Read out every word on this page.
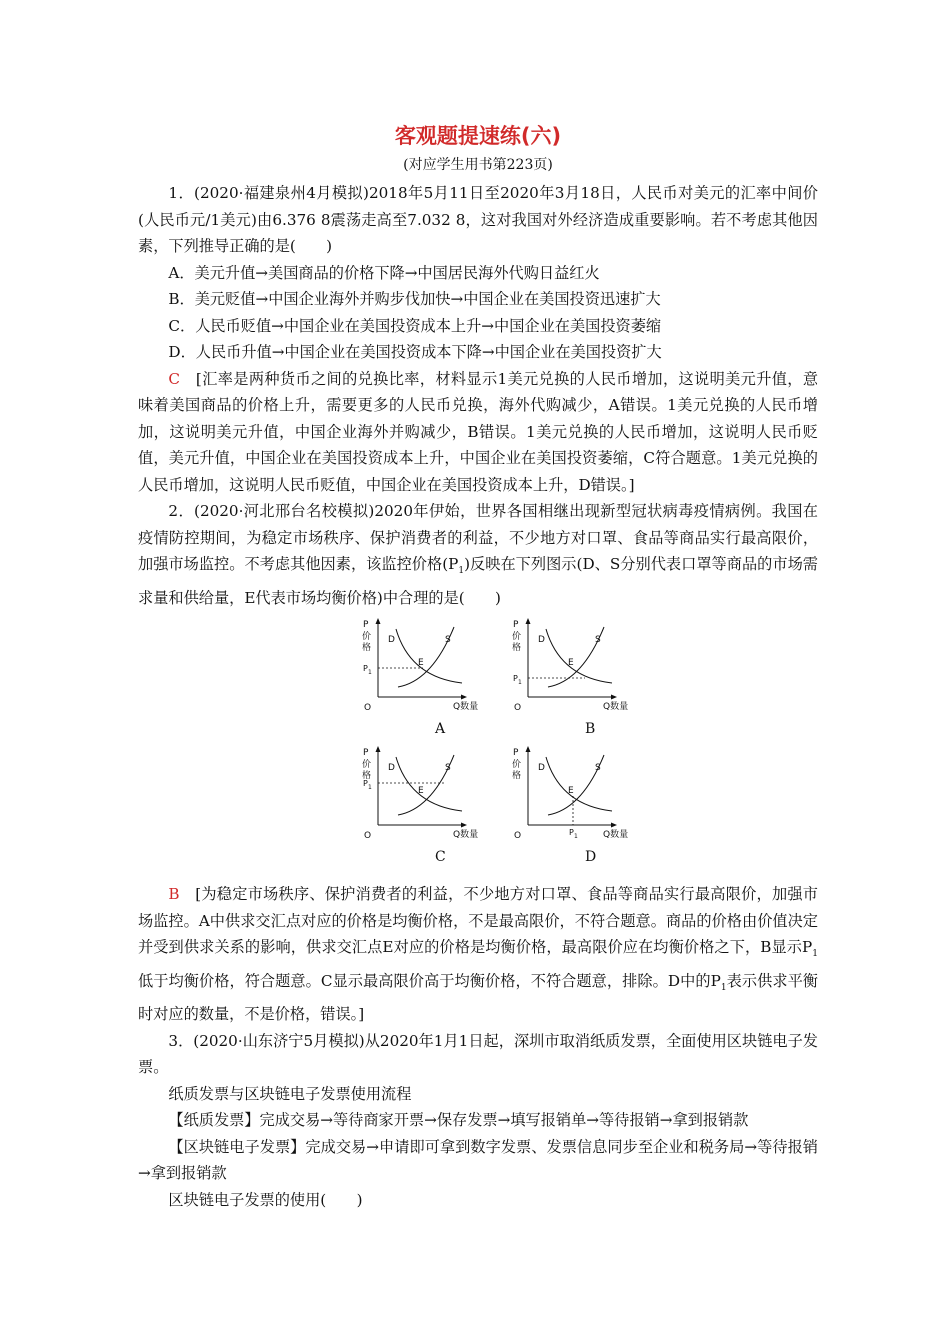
客观题提速练(六)
(对应学生用书第223页)

1．(2020·福建泉州4月模拟)2018年5月11日至2020年3月18日，人民币对美元的汇率中间价(人民币元/1美元)由6.376 8震荡走高至7.032 8，这对我国对外经济造成重要影响。若不考虑其他因素，下列推导正确的是(　　)

A．美元升值→美国商品的价格下降→中国居民海外代购日益红火

B．美元贬值→中国企业海外并购步伐加快→中国企业在美国投资迅速扩大

C．人民币贬值→中国企业在美国投资成本上升→中国企业在美国投资萎缩

D．人民币升值→中国企业在美国投资成本下降→中国企业在美国投资扩大

C　 [汇率是两种货币之间的兑换比率，材料显示1美元兑换的人民币增加，这说明美元升值，意味着美国商品的价格上升，需要更多的人民币兑换，海外代购减少，A错误。1美元兑换的人民币增加，这说明美元升值，中国企业海外并购减少，B错误。1美元兑换的人民币增加，这说明人民币贬值，美元升值，中国企业在美国投资成本上升，中国企业在美国投资萎缩，C符合题意。1美元兑换的人民币增加，这说明人民币贬值，中国企业在美国投资成本上升，D错误。]

2．(2020·河北邢台名校模拟)2020年伊始，世界各国相继出现新型冠状病毒疫情病例。我国在疫情防控期间，为稳定市场秩序、保护消费者的利益，不少地方对口罩、食品等商品实行最高限价，加强市场监控。不考虑其他因素，该监控价格$(P_1)$反映在下列图示(D、S分别代表口罩等商品的市场需求量和供给量，E代表市场均衡价格)中合理的是(　　)

P
价
格
O	Q数量
D	S
E
P 1
A
P
价
格
O	Q数量
D	S
E
P 1
B
P
价
格
O	Q数量
D	S
E
P 1
C
P
价
格
O	Q数量
D	S
E
P 1
D

B　 [为稳定市场秩序、保护消费者的利益，不少地方对口罩、食品等商品实行最高限价，加强市场监控。A中供求交汇点对应的价格是均衡价格，不是最高限价，不符合题意。商品的价格由价值决定并受到供求关系的影响，供求交汇点E对应的价格是均衡价格，最高限价应在均衡价格之下，B显示$P_1$低于均衡价格，符合题意。C显示最高限价高于均衡价格，不符合题意，排除。D中的$P_1$表示供求平衡时对应的数量，不是价格，错误。]

3．(2020·山东济宁5月模拟)从2020年1月1日起，深圳市取消纸质发票，全面使用区块链电子发票。

纸质发票与区块链电子发票使用流程

【纸质发票】完成交易→等待商家开票→保存发票→填写报销单→等待报销→拿到报销款

【区块链电子发票】完成交易→申请即可拿到数字发票、发票信息同步至企业和税务局→等待报销→拿到报销款

区块链电子发票的使用(　　)
